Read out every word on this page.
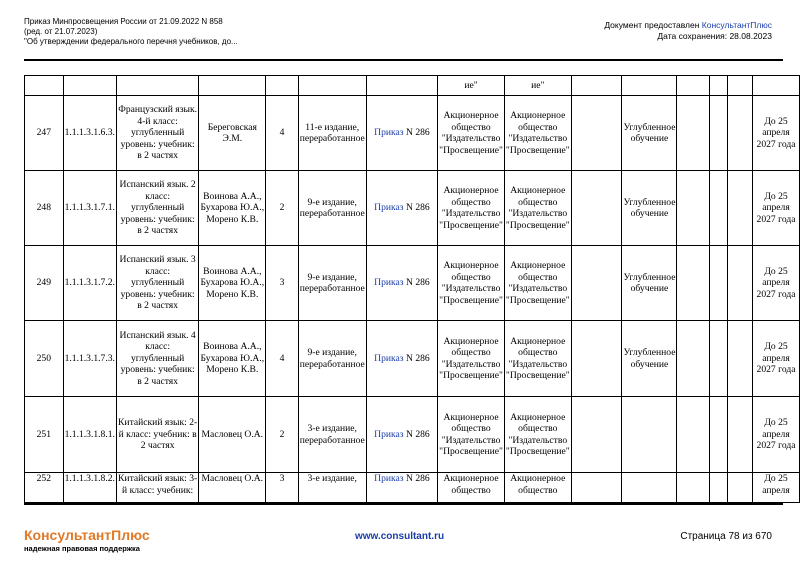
Приказ Минпросвещения России от 21.09.2022 N 858
(ред. от 21.07.2023)
"Об утверждении федерального перечня учебников, до...
Документ предоставлен КонсультантПлюс
Дата сохранения: 28.08.2023
							ие"	ие"						
247	1.1.1.3.1.6.3.	Французский язык. 4-й класс: углубленный уровень: учебник: в 2 частях	Береговская Э.М.	4	11-е издание, переработанное	Приказ N 286	Акционерное общество "Издательство "Просвещение"	Акционерное общество "Издательство "Просвещение"		Углубленное обучение				До 25 апреля 2027 года
248	1.1.1.3.1.7.1.	Испанский язык. 2 класс: углубленный уровень: учебник: в 2 частях	Воинова А.А., Бухарова Ю.А., Морено К.В.	2	9-е издание, переработанное	Приказ N 286	Акционерное общество "Издательство "Просвещение"	Акционерное общество "Издательство "Просвещение"		Углубленное обучение				До 25 апреля 2027 года
249	1.1.1.3.1.7.2.	Испанский язык. 3 класс: углубленный уровень: учебник: в 2 частях	Воинова А.А., Бухарова Ю.А., Морено К.В.	3	9-е издание, переработанное	Приказ N 286	Акционерное общество "Издательство "Просвещение"	Акционерное общество "Издательство "Просвещение"		Углубленное обучение				До 25 апреля 2027 года
250	1.1.1.3.1.7.3.	Испанский язык. 4 класс: углубленный уровень: учебник: в 2 частях	Воинова А.А., Бухарова Ю.А., Морено К.В.	4	9-е издание, переработанное	Приказ N 286	Акционерное общество "Издательство "Просвещение"	Акционерное общество "Издательство "Просвещение"		Углубленное обучение				До 25 апреля 2027 года
251	1.1.1.3.1.8.1.	Китайский язык: 2-й класс: учебник: в 2 частях	Масловец О.А.	2	3-е издание, переработанное	Приказ N 286	Акционерное общество "Издательство "Просвещение"	Акционерное общество "Издательство "Просвещение"						До 25 апреля 2027 года
252	1.1.1.3.1.8.2.	Китайский язык: 3-й класс: учебник:	Масловец О.А.	3	3-е издание,	Приказ N 286	Акционерное общество	Акционерное общество						До 25 апреля
КонсультантПлюс
надежная правовая поддержка
www.consultant.ru	Страница 78 из 670
